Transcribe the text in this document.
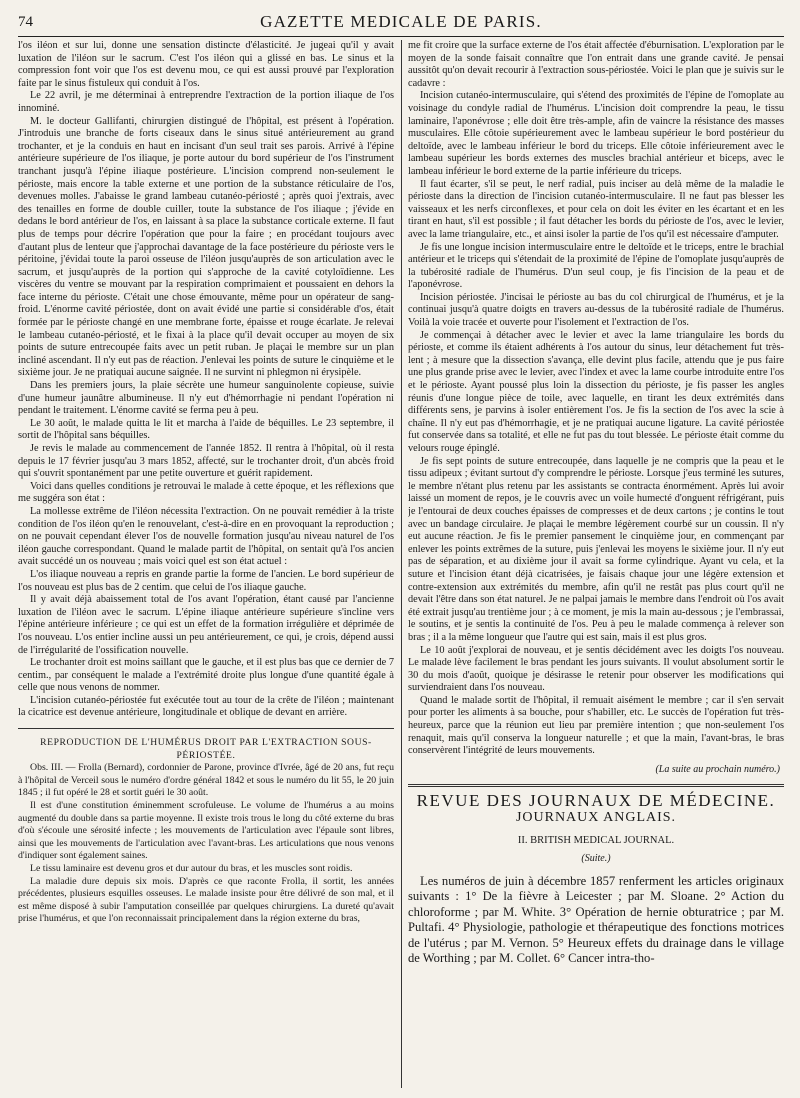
74	GAZETTE MEDICALE DE PARIS.

l'os iléon et sur lui, donne une sensation distincte d'élasticité. Je jugeai qu'il y avait luxation de l'iléon sur le sacrum. C'est l'os iléon qui a glissé en bas. Le sinus et la compression font voir que l'os est devenu mou, ce qui est aussi prouvé par l'exploration faite par le sinus fistuleux qui conduit à l'os.

Le 22 avril, je me déterminai à entreprendre l'extraction de la portion iliaque de l'os innominé.

M. le docteur Gallifanti, chirurgien distingué de l'hôpital, est présent à l'opération. J'introduis une branche de forts ciseaux dans le sinus situé antérieurement au grand trochanter, et je la conduis en haut en incisant d'un seul trait ses parois. Arrivé à l'épine antérieure supérieure de l'os iliaque, je porte autour du bord supérieur de l'os l'instrument tranchant jusqu'à l'épine iliaque postérieure. L'incision comprend non-seulement le périoste, mais encore la table externe et une portion de la substance réticulaire de l'os, devenues molles. J'abaisse le grand lambeau cutanéo-périosté ; après quoi j'extrais, avec des tenailles en forme de double cuiller, toute la substance de l'os iliaque ; j'évide en dedans le bord antérieur de l'os, en laissant à sa place la substance corticale externe. Il faut plus de temps pour décrire l'opération que pour la faire ; en procédant toujours avec d'autant plus de lenteur que j'approchai davantage de la face postérieure du périoste vers le péritoine, j'évidai toute la paroi osseuse de l'iléon jusqu'auprès de son articulation avec le sacrum, et jusqu'auprès de la portion qui s'approche de la cavité cotyloïdienne. Les viscères du ventre se mouvant par la respiration comprimaient et poussaient en dehors la face interne du périoste. C'était une chose émouvante, même pour un opérateur de sang-froid. L'énorme cavité périostée, dont on avait évidé une partie si considérable d'os, était formée par le périoste changé en une membrane forte, épaisse et rouge écarlate. Je relevai le lambeau cutanéo-périosté, et le fixai à la place qu'il devait occuper au moyen de six points de suture entrecoupée faits avec un petit ruban. Je plaçai le membre sur un plan incliné ascendant. Il n'y eut pas de réaction. J'enlevai les points de suture le cinquième et le sixième jour. Je ne pratiquai aucune saignée. Il ne survint ni phlegmon ni érysipèle.

Dans les premiers jours, la plaie sécrète une humeur sanguinolente copieuse, suivie d'une humeur jaunâtre albumineuse. Il n'y eut d'hémorrhagie ni pendant l'opération ni pendant le traitement. L'énorme cavité se ferma peu à peu.

Le 30 août, le malade quitta le lit et marcha à l'aide de béquilles. Le 23 septembre, il sortit de l'hôpital sans béquilles.

Je revis le malade au commencement de l'année 1852. Il rentra à l'hôpital, où il resta depuis le 17 février jusqu'au 3 mars 1852, affecté, sur le trochanter droit, d'un abcès froid qui s'ouvrit spontanément par une petite ouverture et guérit rapidement.

Voici dans quelles conditions je retrouvai le malade à cette époque, et les réflexions que me suggéra son état :

La mollesse extrême de l'iléon nécessita l'extraction. On ne pouvait remédier à la triste condition de l'os iléon qu'en le renouvelant, c'est-à-dire en en provoquant la reproduction ; on ne pouvait cependant élever l'os de nouvelle formation jusqu'au niveau naturel de l'os iléon gauche correspondant. Quand le malade partit de l'hôpital, on sentait qu'à l'os ancien avait succédé un os nouveau ; mais voici quel est son état actuel :

L'os iliaque nouveau a repris en grande partie la forme de l'ancien. Le bord supérieur de l'os nouveau est plus bas de 2 centim. que celui de l'os iliaque gauche.

Il y avait déjà abaissement total de l'os avant l'opération, étant causé par l'ancienne luxation de l'iléon avec le sacrum. L'épine iliaque antérieure supérieure s'incline vers l'épine antérieure inférieure ; ce qui est un effet de la formation irrégulière et déprimée de l'os nouveau. L'os entier incline aussi un peu antérieurement, ce qui, je crois, dépend aussi de l'irrégularité de l'ossification nouvelle.

Le trochanter droit est moins saillant que le gauche, et il est plus bas que ce dernier de 7 centim., par conséquent le malade a l'extrémité droite plus longue d'une quantité égale à celle que nous venons de nommer.

L'incision cutanéo-périostée fut exécutée tout au tour de la crête de l'iléon ; maintenant la cicatrice est devenue antérieure, longitudinale et oblique de devant en arrière.

REPRODUCTION DE L'HUMÉRUS DROIT PAR L'EXTRACTION SOUS-PÉRIOSTÉE.

Obs. III. — Frolla (Bernard), cordonnier de Parone, province d'Ivrée, âgé de 20 ans, fut reçu à l'hôpital de Verceil sous le numéro d'ordre général 1842 et sous le numéro du lit 55, le 20 juin 1845 ; il fut opéré le 28 et sortit guéri le 30 août.

Il est d'une constitution éminemment scrofuleuse. Le volume de l'humérus a au moins augmenté du double dans sa partie moyenne. Il existe trois trous le long du côté externe du bras d'où s'écoule une sérosité infecte ; les mouvements de l'articulation avec l'épaule sont libres, ainsi que les mouvements de l'articulation avec l'avant-bras. Les articulations que nous venons d'indiquer sont également saines.

Le tissu laminaire est devenu gros et dur autour du bras, et les muscles sont roidis.

La maladie dure depuis six mois. D'après ce que raconte Frolla, il sortit, les années précédentes, plusieurs esquilles osseuses. Le malade insiste pour être délivré de son mal, et il est même disposé à subir l'amputation conseillée par quelques chirurgiens. La dureté qu'avait prise l'humérus, et que l'on reconnaissait principalement dans la région externe du bras,

me fit croire que la surface externe de l'os était affectée d'éburnisation. L'exploration par le moyen de la sonde faisait connaître que l'on entrait dans une grande cavité. Je pensai aussitôt qu'on devait recourir à l'extraction sous-périostée. Voici le plan que je suivis sur le cadavre :

Incision cutanéo-intermusculaire, qui s'étend des proximités de l'épine de l'omoplate au voisinage du condyle radial de l'humérus. L'incision doit comprendre la peau, le tissu laminaire, l'aponévrose ; elle doit être très-ample, afin de vaincre la résistance des masses musculaires. Elle côtoie supérieurement avec le lambeau supérieur le bord postérieur du deltoïde, avec le lambeau inférieur le bord du triceps. Elle côtoie inférieurement avec le lambeau supérieur les bords externes des muscles brachial antérieur et biceps, avec le lambeau inférieur le bord externe de la partie inférieure du triceps.

Il faut écarter, s'il se peut, le nerf radial, puis inciser au delà même de la maladie le périoste dans la direction de l'incision cutanéo-intermusculaire. Il ne faut pas blesser les vaisseaux et les nerfs circonflexes, et pour cela on doit les éviter en les écartant et en les tirant en haut, s'il est possible ; il faut détacher les bords du périoste de l'os, avec le levier, avec la lame triangulaire, etc., et ainsi isoler la partie de l'os qu'il est nécessaire d'amputer.

Je fis une longue incision intermusculaire entre le deltoïde et le triceps, entre le brachial antérieur et le triceps qui s'étendait de la proximité de l'épine de l'omoplate jusqu'auprès de la tubérosité radiale de l'humérus. D'un seul coup, je fis l'incision de la peau et de l'aponévrose.

Incision périostée. J'incisai le périoste au bas du col chirurgical de l'humérus, et je la continuai jusqu'à quatre doigts en travers au-dessus de la tubérosité radiale de l'humérus. Voilà la voie tracée et ouverte pour l'isolement et l'extraction de l'os.

Je commençai à détacher avec le levier et avec la lame triangulaire les bords du périoste, et comme ils étaient adhérents à l'os autour du sinus, leur détachement fut très-lent ; à mesure que la dissection s'avança, elle devint plus facile, attendu que je pus faire une plus grande prise avec le levier, avec l'index et avec la lame courbe introduite entre l'os et le périoste. Ayant poussé plus loin la dissection du périoste, je fis passer les angles réunis d'une longue pièce de toile, avec laquelle, en tirant les deux extrémités dans différents sens, je parvins à isoler entièrement l'os. Je fis la section de l'os avec la scie à chaîne. Il n'y eut pas d'hémorrhagie, et je ne pratiquai aucune ligature. La cavité périostée fut conservée dans sa totalité, et elle ne fut pas du tout blessée. Le périoste était comme du velours rouge épinglé.

Je fis sept points de suture entrecoupée, dans laquelle je ne compris que la peau et le tissu adipeux ; évitant surtout d'y comprendre le périoste. Lorsque j'eus terminé les sutures, le membre n'étant plus retenu par les assistants se contracta énormément. Après lui avoir laissé un moment de repos, je le couvris avec un voile humecté d'onguent réfrigérant, puis je l'entourai de deux couches épaisses de compresses et de deux cartons ; je contins le tout avec un bandage circulaire. Je plaçai le membre légèrement courbé sur un coussin. Il n'y eut aucune réaction. Je fis le premier pansement le cinquième jour, en commençant par enlever les points extrêmes de la suture, puis j'enlevai les moyens le sixième jour. Il n'y eut pas de séparation, et au dixième jour il avait sa forme cylindrique. Ayant vu cela, et la suture et l'incision étant déjà cicatrisées, je faisais chaque jour une légère extension et contre-extension aux extrémités du membre, afin qu'il ne restât pas plus court qu'il ne devait l'être dans son état naturel. Je ne palpai jamais le membre dans l'endroit où l'os avait été extrait jusqu'au trentième jour ; à ce moment, je mis la main au-dessous ; je l'embrassai, le soutins, et je sentis la continuité de l'os. Peu à peu le malade commença à relever son bras ; il a la même longueur que l'autre qui est sain, mais il est plus gros.

Le 10 août j'explorai de nouveau, et je sentis décidément avec les doigts l'os nouveau. Le malade lève facilement le bras pendant les jours suivants. Il voulut absolument sortir le 30 du mois d'août, quoique je désirasse le retenir pour observer les modifications qui surviendraient dans l'os nouveau.

Quand le malade sortit de l'hôpital, il remuait aisément le membre ; car il s'en servait pour porter les aliments à sa bouche, pour s'habiller, etc. Le succès de l'opération fut très-heureux, parce que la réunion eut lieu par première intention ; que non-seulement l'os renaquit, mais qu'il conserva la longueur naturelle ; et que la main, l'avant-bras, le bras conservèrent l'intégrité de leurs mouvements.

(La suite au prochain numéro.)
REVUE DES JOURNAUX DE MÉDECINE.
JOURNAUX ANGLAIS.
II. BRITISH MEDICAL JOURNAL.
(Suite.)

Les numéros de juin à décembre 1857 renferment les articles originaux suivants : 1° De la fièvre à Leicester ; par M. Sloane. 2° Action du chloroforme ; par M. White. 3° Opération de hernie obturatrice ; par M. Pultafi. 4° Physiologie, pathologie et thérapeutique des fonctions motrices de l'utérus ; par M. Vernon. 5° Heureux effets du drainage dans le village de Worthing ; par M. Collet. 6° Cancer intra-tho-
